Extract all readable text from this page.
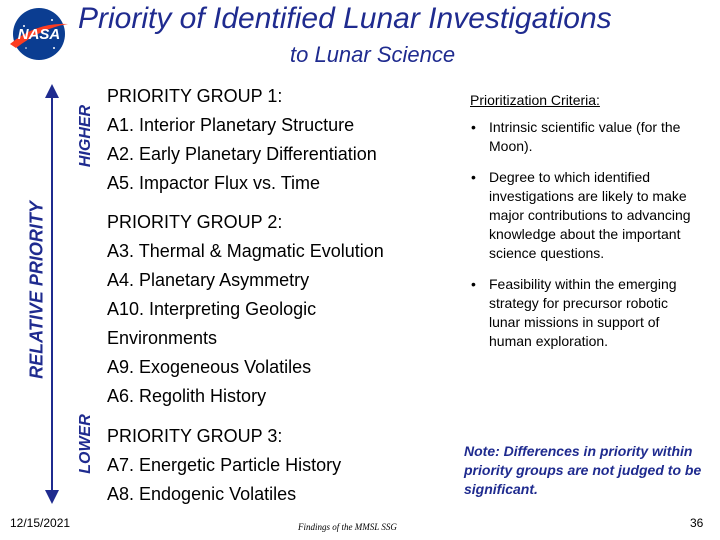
NASA Priority of Identified Lunar Investigations
to Lunar Science
RELATIVE PRIORITY
HIGHER
LOWER
PRIORITY GROUP 1:
A1. Interior Planetary Structure
A2. Early Planetary Differentiation
A5. Impactor Flux vs. Time
PRIORITY GROUP 2:
A3. Thermal & Magmatic Evolution
A4. Planetary Asymmetry
A10. Interpreting Geologic
Environments
A9. Exogeneous Volatiles
A6. Regolith History
PRIORITY GROUP 3:
A7. Energetic Particle History
A8. Endogenic Volatiles
Prioritization Criteria:
• Intrinsic scientific value (for the Moon).
• Degree to which identified investigations are likely to make major contributions to advancing knowledge about the important science questions.
• Feasibility within the emerging strategy for precursor robotic lunar missions in support of human exploration.
Note: Differences in priority within priority groups are not judged to be significant.
12/15/2021	Findings of the MMSL SSG	36
